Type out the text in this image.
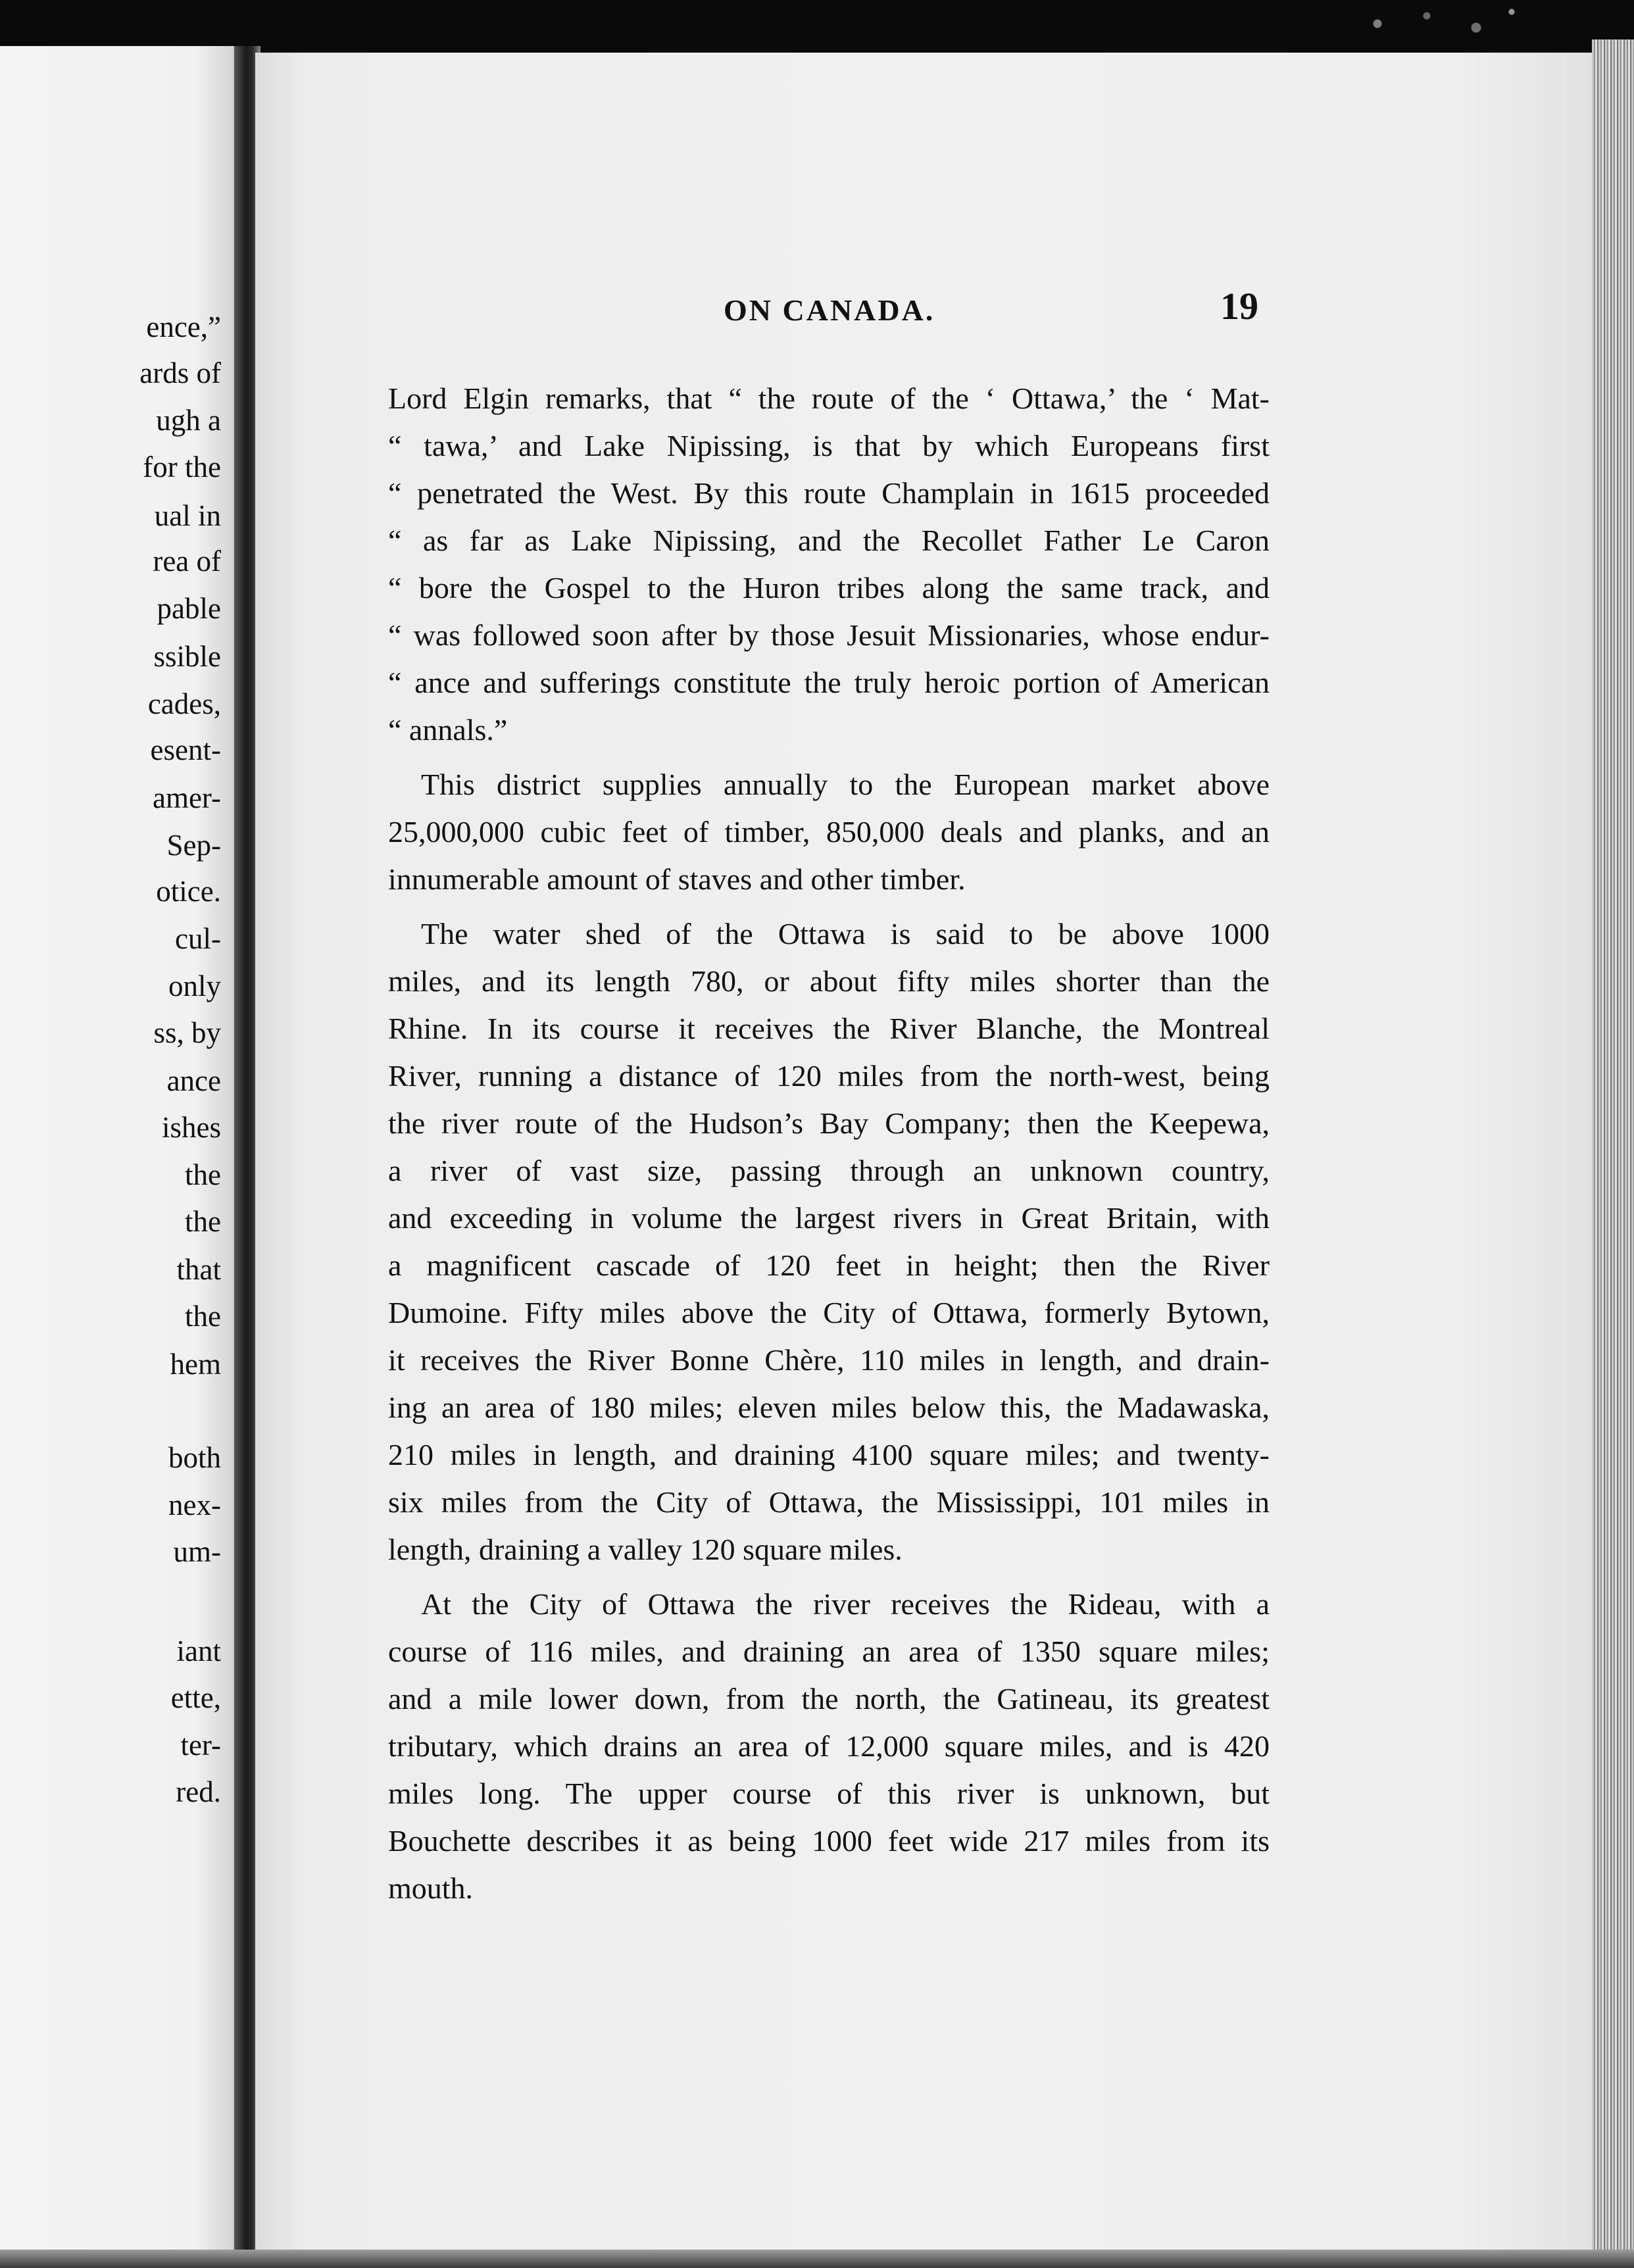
ence,”
ards of
ugh a
for the
ual in
rea of
pable
ssible
cades,
esent-
amer-
Sep-
otice.
cul-
only
ss, by
ance
ishes
the
the
that
the
hem
both
nex-
um-
iant
ette,
ter-
red.
ON CANADA.	19
Lord Elgin remarks, that “ the route of the ‘ Ottawa,’ the ‘ Mat-
“ tawa,’ and Lake Nipissing, is that by which Europeans first
“ penetrated the West. By this route Champlain in 1615 proceeded
“ as far as Lake Nipissing, and the Recollet Father Le Caron
“ bore the Gospel to the Huron tribes along the same track, and
“ was followed soon after by those Jesuit Missionaries, whose endur-
“ ance and sufferings constitute the truly heroic portion of American
“ annals.”
This district supplies annually to the European market above
25,000,000 cubic feet of timber, 850,000 deals and planks, and an
innumerable amount of staves and other timber.
The water shed of the Ottawa is said to be above 1000
miles, and its length 780, or about fifty miles shorter than the
Rhine. In its course it receives the River Blanche, the Montreal
River, running a distance of 120 miles from the north-west, being
the river route of the Hudson’s Bay Company; then the Keepewa,
a river of vast size, passing through an unknown country,
and exceeding in volume the largest rivers in Great Britain, with
a magnificent cascade of 120 feet in height; then the River
Dumoine. Fifty miles above the City of Ottawa, formerly Bytown,
it receives the River Bonne Chère, 110 miles in length, and drain-
ing an area of 180 miles; eleven miles below this, the Madawaska,
210 miles in length, and draining 4100 square miles; and twenty-
six miles from the City of Ottawa, the Mississippi, 101 miles in
length, draining a valley 120 square miles.
At the City of Ottawa the river receives the Rideau, with a
course of 116 miles, and draining an area of 1350 square miles;
and a mile lower down, from the north, the Gatineau, its greatest
tributary, which drains an area of 12,000 square miles, and is 420
miles long. The upper course of this river is unknown, but
Bouchette describes it as being 1000 feet wide 217 miles from its
mouth.
